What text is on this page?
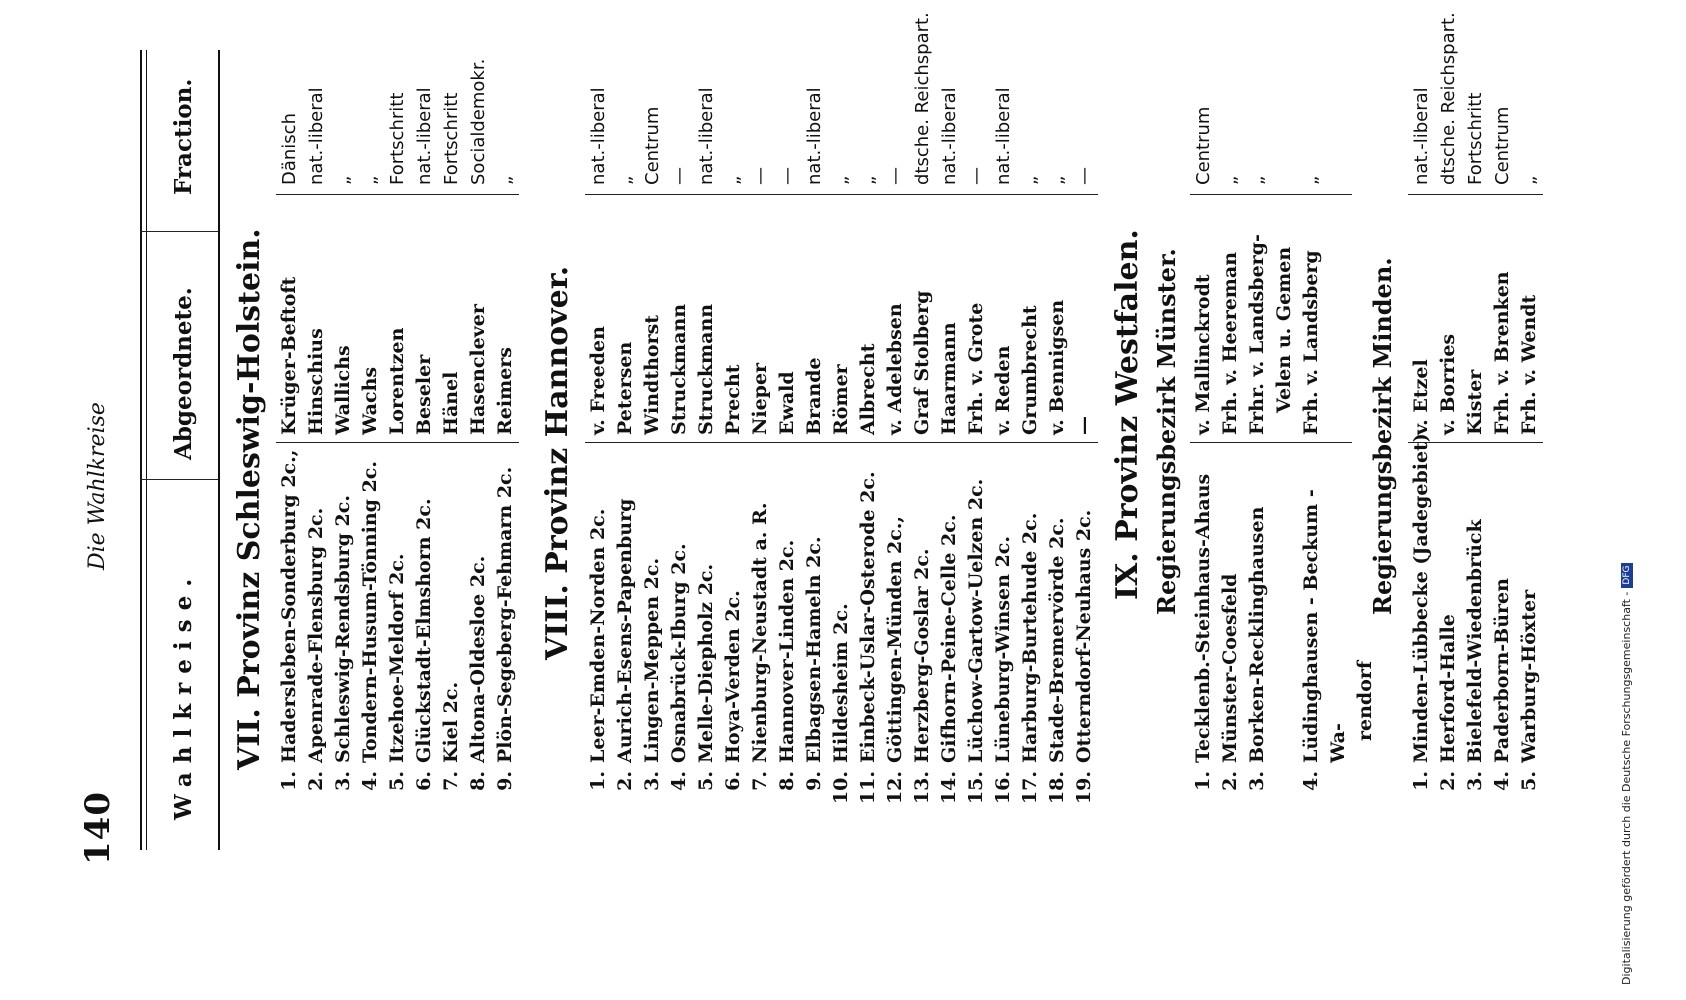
140
Die Wahlkreise
Wahlkreise.
Abgeordnete.
Fraction.
VII. Provinz Schleswig-Holstein.
1.
Hadersleben-Sonderburg 2c.,
Krüger-Beftoft
Dänisch
2.
Apenrade-Flensburg 2c.
Hinschius
nat.-liberal
3.
Schleswig-Rendsburg 2c.
Wallichs
„
4.
Tondern-Husum-Tönning 2c.
Wachs
„
5.
Itzehoe-Meldorf 2c.
Lorentzen
Fortschritt
6.
Glückstadt-Elmshorn 2c.
Beseler
nat.-liberal
7.
Kiel 2c.
Hänel
Fortschritt
8.
Altona-Oldesloe 2c.
Hasenclever
Socialdemokr.
9.
Plön-Segeberg-Fehmarn 2c.
Reimers
„
VIII. Provinz Hannover.
1.
Leer-Emden-Norden 2c.
v. Freeden
nat.-liberal
2.
Aurich-Esens-Papenburg
Petersen
„
3.
Lingen-Meppen 2c.
Windthorst
Centrum
4.
Osnabrück-Iburg 2c.
Struckmann
—
5.
Melle-Diepholz 2c.
Struckmann
nat.-liberal
6.
Hoya-Verden 2c.
Precht
„
7.
Nienburg-Neustadt a. R.
Nieper
—
8.
Hannover-Linden 2c.
Ewald
—
9.
Elbagsen-Hameln 2c.
Brande
nat.-liberal
10.
Hildesheim 2c.
Römer
„
11.
Einbeck-Uslar-Osterode 2c.
Albrecht
„
12.
Göttingen-Münden 2c.,
v. Adelebsen
—
13.
Herzberg-Goslar 2c.
Graf Stolberg
dtsche. Reichspart.
14.
Gifhorn-Peine-Celle 2c.
Haarmann
nat.-liberal
15.
Lüchow-Gartow-Uelzen 2c.
Frh. v. Grote
—
16.
Lüneburg-Winsen 2c.
v. Reden
nat.-liberal
17.
Harburg-Burtehude 2c.
Grumbrecht
„
18.
Stade-Bremervörde 2c.
v. Bennigsen
„
19.
Otterndorf-Neuhaus 2c.
—
—
IX. Provinz Westfalen. Regierungsbezirk Münster.
1.
Tecklenb.-Steinhaus-Ahaus
v. Mallinckrodt
Centrum
2.
Münster-Coesfeld
Frh. v. Heereman
„
3.
Borken-Recklinghausen
Frhr. v. Landsberg- Velen u. Gemen
„
4.
Lüdinghausen - Beckum - Wa-
rendorf
Frh. v. Landsberg
„
Regierungsbezirk Minden.
1.
Minden-Lübbecke (Jadegebiet)
v. Etzel
nat.-liberal
2.
Herford-Halle
v. Borries
dtsche. Reichspart.
3.
Bielefeld-Wiedenbrück
Kister
Fortschritt
4.
Paderborn-Büren
Frh. v. Brenken
Centrum
5.
Warburg-Höxter
Frh. v. Wendt
„
Digitalisierung gefördert durch die Deutsche Forschungsgemeinschaft -DFG
